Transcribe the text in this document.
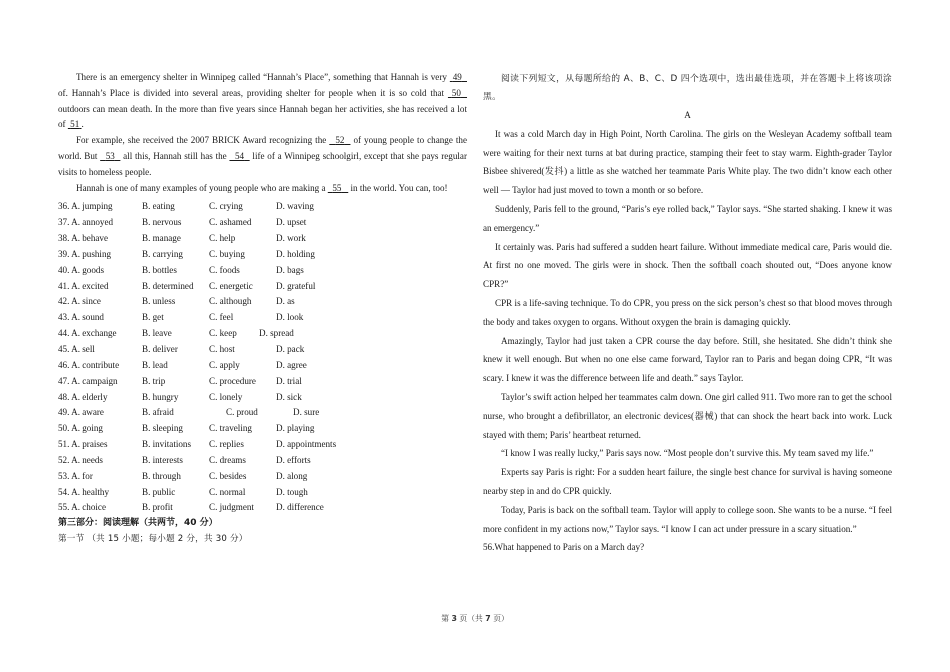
There is an emergency shelter in Winnipeg called “Hannah’s Place”, something that Hannah is very 49   of. Hannah’s Place is divided into several areas, providing shelter for people when it is so cold that 50   outdoors can mean death. In the more than five years since Hannah began her activities, she has received a lot of  51 .

For example, she received the 2007 BRICK Award recognizing the   52   of young people to change the world. But   53   all this, Hannah still has the   54   life of a Winnipeg schoolgirl, except that she pays regular visits to homeless people.

Hannah is one of many examples of young people who are making a   55    in the world. You can, too!

36. A. jumping	B. eating	C. crying	D. waving
37. A. annoyed	B. nervous	C. ashamed	D. upset
38. A. behave	B. manage	C. help	D. work
39. A. pushing	B. carrying	C. buying	D. holding
40. A. goods	B. bottles	C. foods	D. bags
41. A. excited	B. determined	C. energetic	D. grateful
42. A. since	B. unless	C. although	D. as
43. A. sound	B. get	C. feel	D. look
44. A. exchange	B. leave	C. keep	D. spread
45. A. sell	B. deliver	C. host	D. pack
46. A. contribute	B. lead	C. apply	D. agree
47. A. campaign	B. trip	C. procedure	D. trial
48. A. elderly	B. hungry	C. lonely	D. sick
49. A. aware	B. afraid	C. proud	D. sure
50. A. going	B. sleeping	C. traveling	D. playing
51. A. praises	B. invitations	C. replies	D. appointments
52. A. needs	B. interests	C. dreams	D. efforts
53. A. for	B. through	C. besides	D. along
54. A. healthy	B. public	C. normal	D. tough
55. A. choice	B. profit	C. judgment	D. difference
第三部分：阅读理解（共两节，40 分）
第一节 （共 15 小题；每小题 2 分，共 30 分）

阅读下列短文，从每题所给的 A、B、C、D 四个选项中，选出最佳选项，并在答题卡上将该项涂黑。

A

It was a cold March day in High Point, North Carolina. The girls on the Wesleyan Academy softball team were waiting for their next turns at bat during practice, stamping their feet to stay warm. Eighth-grader Taylor Bisbee shivered(发抖) a little as she watched her teammate Paris White play. The two didn’t know each other well — Taylor had just moved to town a month or so before.

Suddenly, Paris fell to the ground, “Paris’s eye rolled back,” Taylor says. “She started shaking. I knew it was an emergency.”

It certainly was. Paris had suffered a sudden heart failure. Without immediate medical care, Paris would die. At first no one moved. The girls were in shock. Then the softball coach shouted out, “Does anyone know CPR?”

CPR is a life-saving technique. To do CPR, you press on the sick person’s chest so that blood moves through the body and takes oxygen to organs. Without oxygen the brain is damaging quickly.

Amazingly, Taylor had just taken a CPR course the day before. Still, she hesitated. She didn’t think she knew it well enough. But when no one else came forward, Taylor ran to Paris and began doing CPR, “It was scary. I knew it was the difference between life and death.” says Taylor.

Taylor’s swift action helped her teammates calm down. One girl called 911. Two more ran to get the school nurse, who brought a defibrillator, an electronic devices(器械) that can shock the heart back into work. Luck stayed with them; Paris’ heartbeat returned.

“I know I was really lucky,” Paris says now. “Most people don’t survive this. My team saved my life.”

Experts say Paris is right: For a sudden heart failure, the single best chance for survival is having someone nearby step in and do CPR quickly.

Today, Paris is back on the softball team. Taylor will apply to college soon. She wants to be a nurse. “I feel more confident in my actions now,” Taylor says. “I know I can act under pressure in a scary situation.”

56.What happened to Paris on a March day?

第 3 页（共 7 页）
